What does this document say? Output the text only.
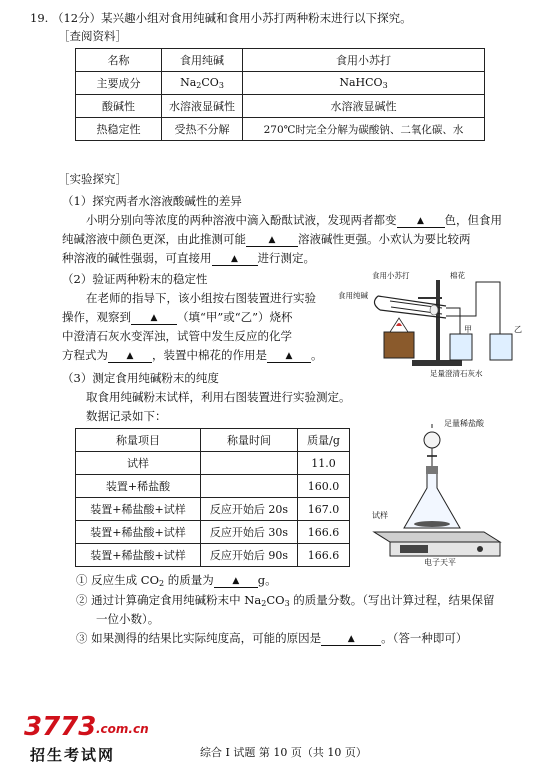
19. （12分）某兴趣小组对食用纯碱和食用小苏打两种粉末进行以下探究。
［查阅资料］
名称	食用纯碱	食用小苏打
主要成分	$Na_2CO_3$	NaHCO$_3$
酸碱性	水溶液显碱性	水溶液显碱性
热稳定性	受热不分解	270℃时完全分解为碳酸钠、二氧化碳、水
［实验探究］
（1）探究两者水溶液酸碱性的差异
小明分别向等浓度的两种溶液中滴入酚酞试液，发现两者都变 ▲ 色，但食用
纯碱溶液中颜色更深，由此推测可能	▲ 溶液碱性更强。小欢认为要比较两
种溶液的碱性强弱，可直接用 ▲ 进行测定。
（2）验证两种粉末的稳定性
在老师的指导下，该小组按右图装置进行实验
操作，观察到 ▲ （填“甲”或“乙”）烧杯
中澄清石灰水变浑浊，试管中发生反应的化学
方程式为 ▲ ，装置中棉花的作用是 ▲ 。
食用小苏打	棉花
食用纯碱
甲	乙
足量澄清石灰水
（3）测定食用纯碱粉末的纯度
取食用纯碱粉末试样，利用右图装置进行实验测定。
数据记录如下：
称量项目	称量时间	质量/g
试样		11.0
装置+稀盐酸		160.0
装置+稀盐酸+试样	反应开始后 20s	167.0
装置+稀盐酸+试样	反应开始后 30s	166.6
装置+稀盐酸+试样	反应开始后 90s	166.6
足量稀盐酸
试样
电子天平
① 反应生成 $CO_2$ 的质量为 ▲ g。
② 通过计算确定食用纯碱粉末中 $Na_2CO_3$ 的质量分数。（写出计算过程，结果保留
一位小数）。
③ 如果测得的结果比实际纯度高，可能的原因是	▲ 。（答一种即可）
3773 .com.cn
招生考试网	综合 Ⅰ 试题 第 10 页（共 10 页）
